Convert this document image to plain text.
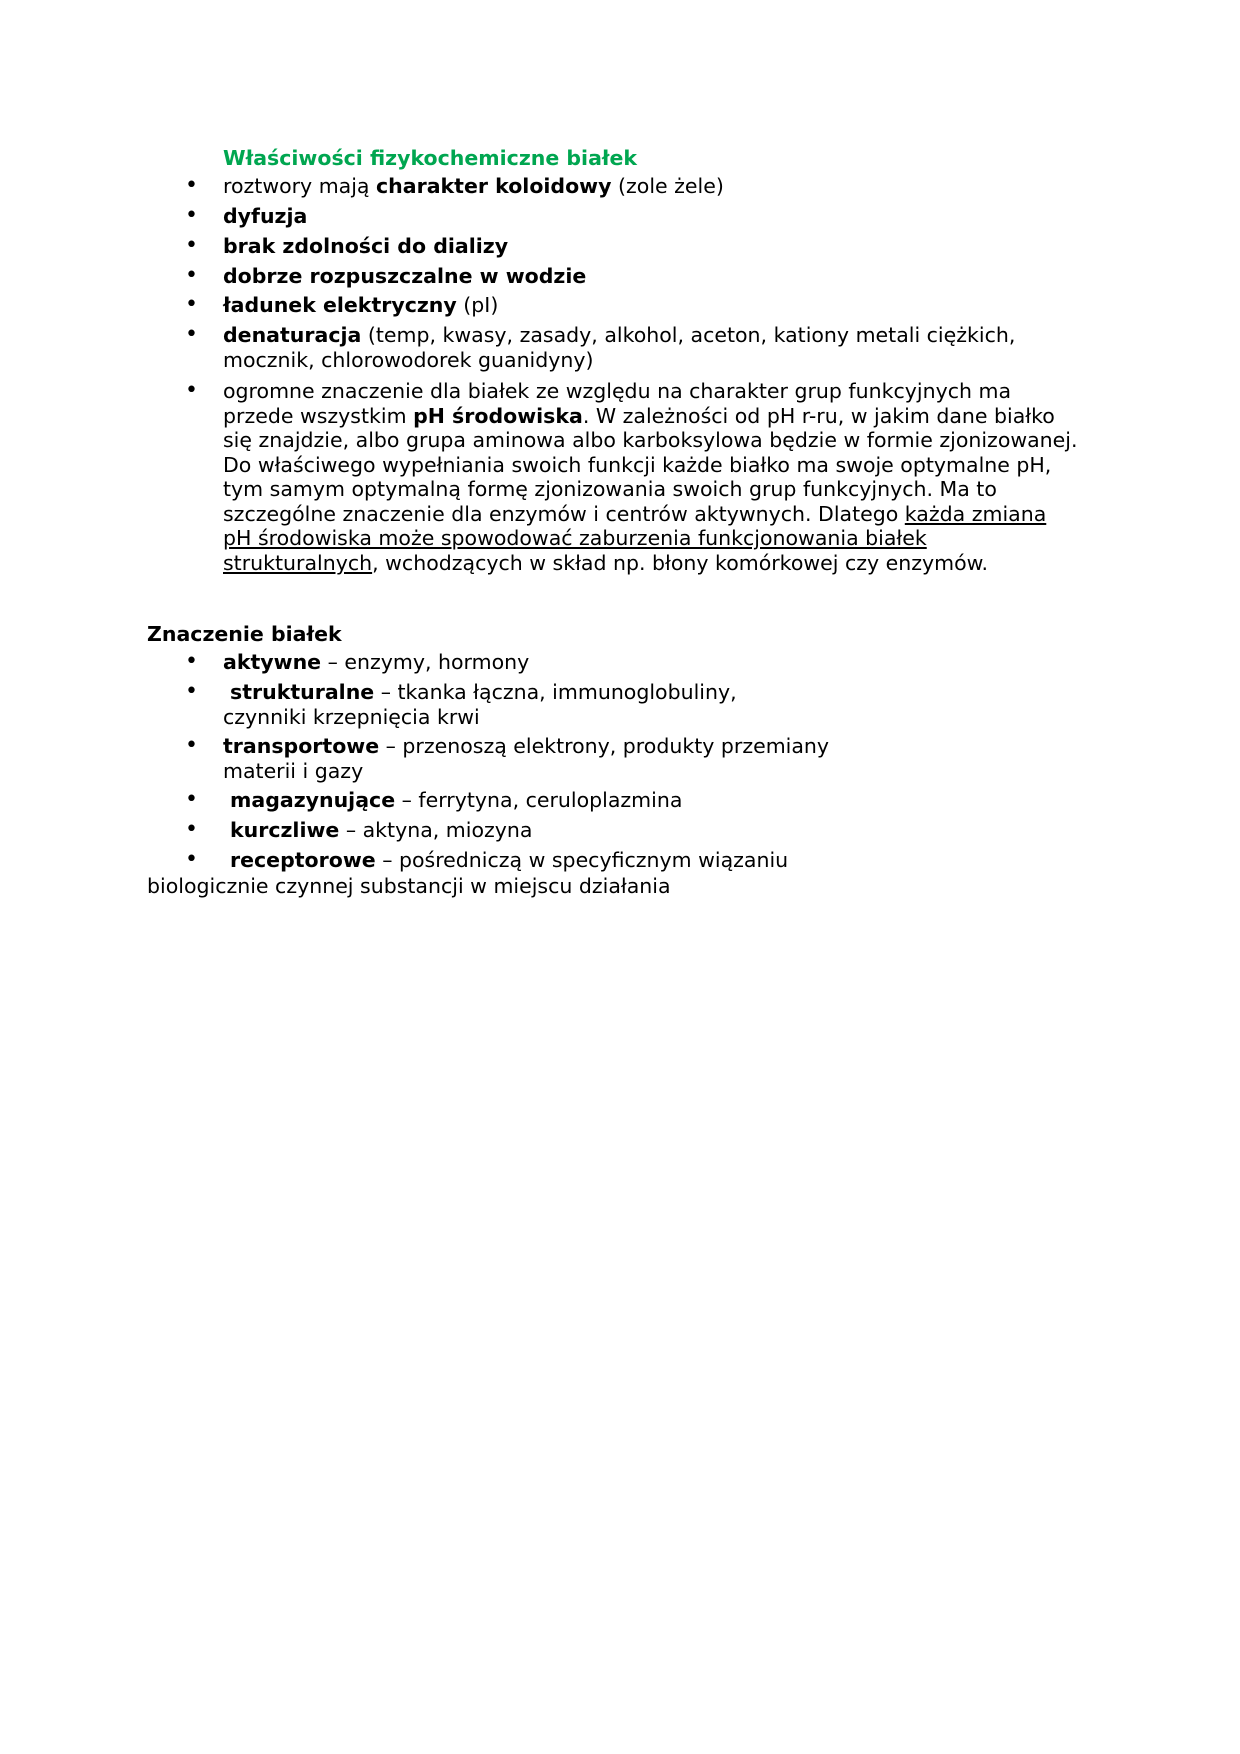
Właściwości fizykochemiczne białek
• roztwory mają charakter koloidowy (zole żele)
• dyfuzja
• brak zdolności do dializy
• dobrze rozpuszczalne w wodzie
• ładunek elektryczny (pI)
• denaturacja (temp, kwasy, zasady, alkohol, aceton, kationy metali ciężkich,
mocznik, chlorowodorek guanidyny)
• ogromne znaczenie dla białek ze względu na charakter grup funkcyjnych ma
przede wszystkim pH środowiska. W zależności od pH r-ru, w jakim dane białko
się znajdzie, albo grupa aminowa albo karboksylowa będzie w formie zjonizowanej.
Do właściwego wypełniania swoich funkcji każde białko ma swoje optymalne pH,
tym samym optymalną formę zjonizowania swoich grup funkcyjnych. Ma to
szczególne znaczenie dla enzymów i centrów aktywnych. Dlatego każda zmiana
pH środowiska może spowodować zaburzenia funkcjonowania białek
strukturalnych, wchodzących w skład np. błony komórkowej czy enzymów.
Znaczenie białek
• aktywne – enzymy, hormony
•	strukturalne – tkanka łączna, immunoglobuliny,
czynniki krzepnięcia krwi
• transportowe – przenoszą elektrony, produkty przemiany
materii i gazy
•	magazynujące – ferrytyna, ceruloplazmina
•	kurczliwe – aktyna, miozyna
•	receptorowe – pośredniczą w specyficznym wiązaniu
biologicznie czynnej substancji w miejscu działania
